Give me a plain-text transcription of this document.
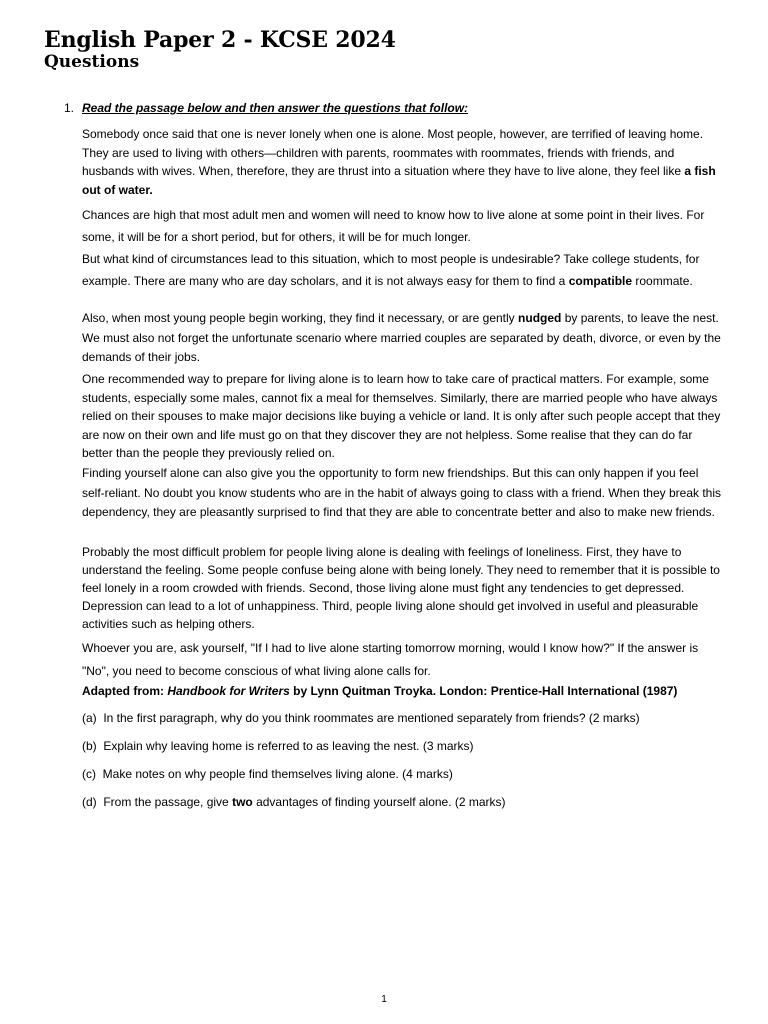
English Paper 2 - KCSE 2024
Questions
1. Read the passage below and then answer the questions that follow:

Somebody once said that one is never lonely when one is alone. Most people, however, are terrified of leaving home. They are used to living with others—children with parents, roommates with roommates, friends with friends, and husbands with wives. When, therefore, they are thrust into a situation where they have to live alone, they feel like a fish out of water.

Chances are high that most adult men and women will need to know how to live alone at some point in their lives. For some, it will be for a short period, but for others, it will be for much longer.

But what kind of circumstances lead to this situation, which to most people is undesirable? Take college students, for example. There are many who are day scholars, and it is not always easy for them to find a compatible roommate.

Also, when most young people begin working, they find it necessary, or are gently nudged by parents, to leave the nest. We must also not forget the unfortunate scenario where married couples are separated by death, divorce, or even by the demands of their jobs.

One recommended way to prepare for living alone is to learn how to take care of practical matters. For example, some students, especially some males, cannot fix a meal for themselves. Similarly, there are married people who have always relied on their spouses to make major decisions like buying a vehicle or land. It is only after such people accept that they are now on their own and life must go on that they discover they are not helpless. Some realise that they can do far better than the people they previously relied on.

Finding yourself alone can also give you the opportunity to form new friendships. But this can only happen if you feel self-reliant. No doubt you know students who are in the habit of always going to class with a friend. When they break this dependency, they are pleasantly surprised to find that they are able to concentrate better and also to make new friends.

Probably the most difficult problem for people living alone is dealing with feelings of loneliness. First, they have to understand the feeling. Some people confuse being alone with being lonely. They need to remember that it is possible to feel lonely in a room crowded with friends. Second, those living alone must fight any tendencies to get depressed. Depression can lead to a lot of unhappiness. Third, people living alone should get involved in useful and pleasurable activities such as helping others.

Whoever you are, ask yourself, "If I had to live alone starting tomorrow morning, would I know how?" If the answer is "No", you need to become conscious of what living alone calls for.

Adapted from: Handbook for Writers by Lynn Quitman Troyka. London: Prentice-Hall International (1987)

(a)  In the first paragraph, why do you think roommates are mentioned separately from friends? (2 marks)
(b)  Explain why leaving home is referred to as leaving the nest. (3 marks)
(c)  Make notes on why people find themselves living alone. (4 marks)
(d)  From the passage, give two advantages of finding yourself alone. (2 marks)
1
